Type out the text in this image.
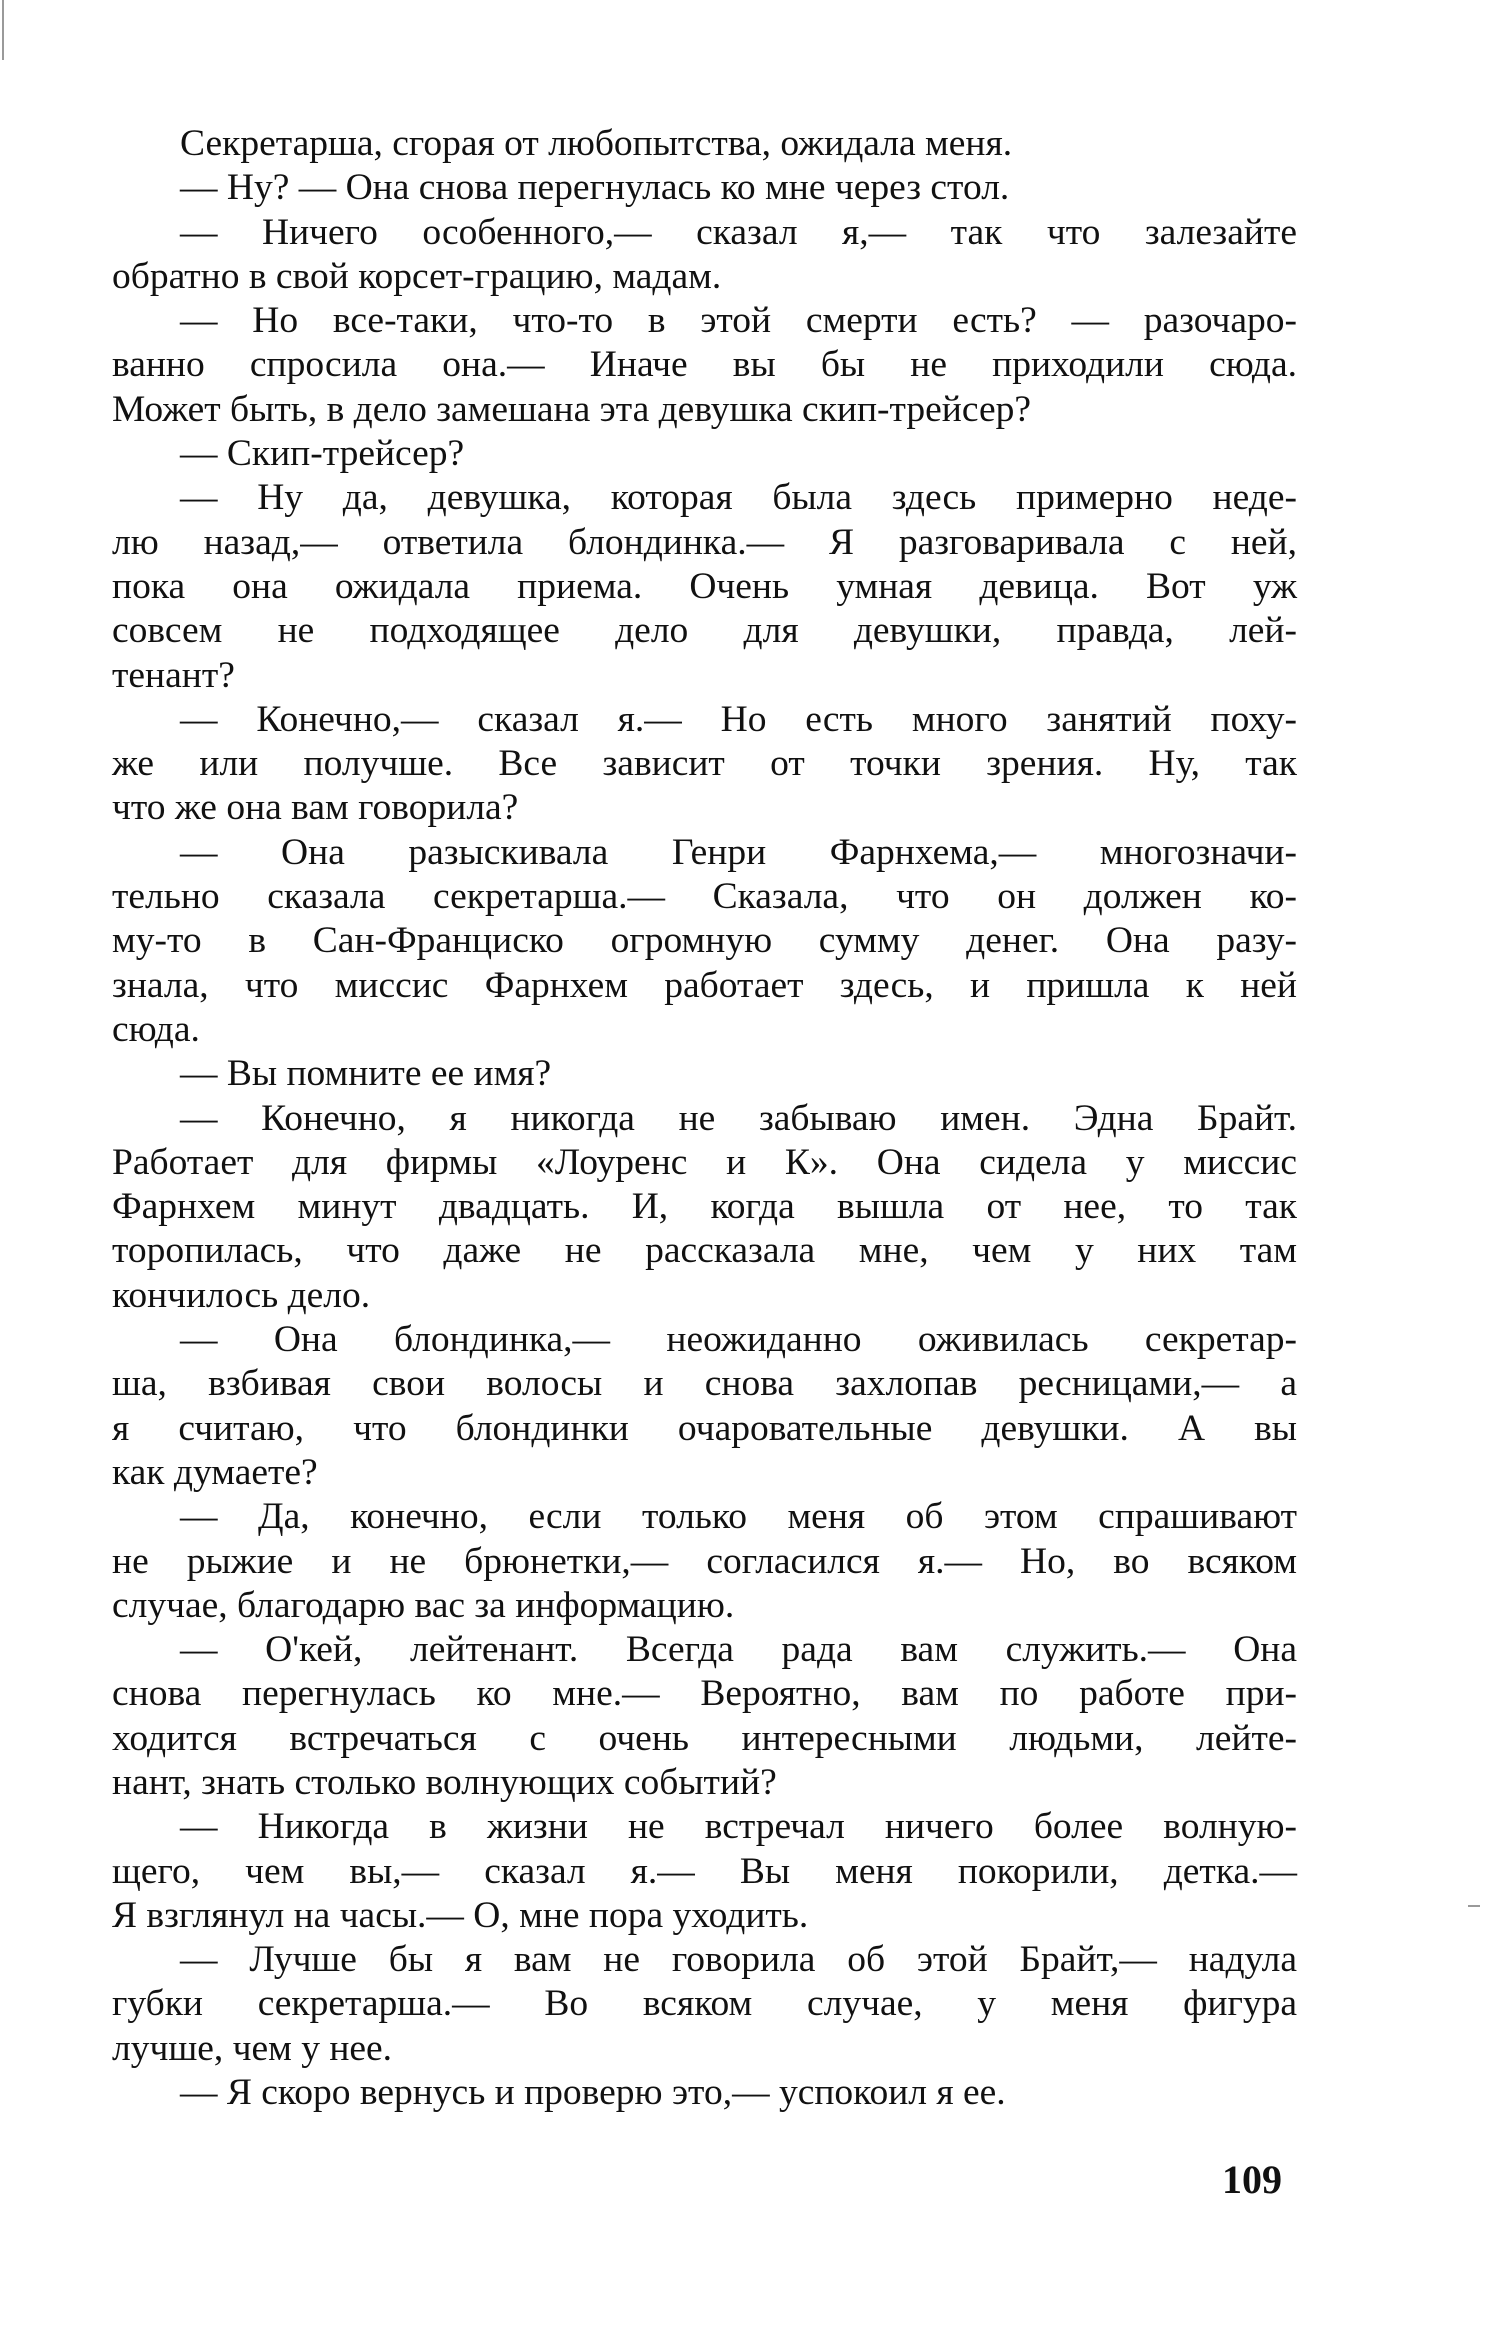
Секретарша, сгорая от любопытства, ожидала меня.
— Ну? — Она снова перегнулась ко мне через стол.
— Ничего особенного,— сказал я,— так что залезайте
обратно в свой корсет-грацию, мадам.
— Но все-таки, что-то в этой смерти есть? — разочаро-
ванно спросила она.— Иначе вы бы не приходили сюда.
Может быть, в дело замешана эта девушка скип-трейсер?
— Скип-трейсер?
— Ну да, девушка, которая была здесь примерно неде-
лю назад,— ответила блондинка.— Я разговаривала с ней,
пока она ожидала приема. Очень умная девица. Вот уж
совсем не подходящее дело для девушки, правда, лей-
тенант?
— Конечно,— сказал я.— Но есть много занятий поху-
же или получше. Все зависит от точки зрения. Ну, так
что же она вам говорила?
— Она разыскивала Генри Фарнхема,— многозначи-
тельно сказала секретарша.— Сказала, что он должен ко-
му-то в Сан-Франциско огромную сумму денег. Она разу-
знала, что миссис Фарнхем работает здесь, и пришла к ней
сюда.
— Вы помните ее имя?
— Конечно, я никогда не забываю имен. Эдна Брайт.
Работает для фирмы «Лоуренс и К». Она сидела у миссис
Фарнхем минут двадцать. И, когда вышла от нее, то так
торопилась, что даже не рассказала мне, чем у них там
кончилось дело.
— Она блондинка,— неожиданно оживилась секретар-
ша, взбивая свои волосы и снова захлопав ресницами,— а
я считаю, что блондинки очаровательные девушки. А вы
как думаете?
— Да, конечно, если только меня об этом спрашивают
не рыжие и не брюнетки,— согласился я.— Но, во всяком
случае, благодарю вас за информацию.
— О'кей, лейтенант. Всегда рада вам служить.— Она
снова перегнулась ко мне.— Вероятно, вам по работе при-
ходится встречаться с очень интересными людьми, лейте-
нант, знать столько волнующих событий?
— Никогда в жизни не встречал ничего более волную-
щего, чем вы,— сказал я.— Вы меня покорили, детка.—
Я взглянул на часы.— О, мне пора уходить.
— Лучше бы я вам не говорила об этой Брайт,— надула
губки секретарша.— Во всяком случае, у меня фигура
лучше, чем у нее.
— Я скоро вернусь и проверю это,— успокоил я ее.
109
